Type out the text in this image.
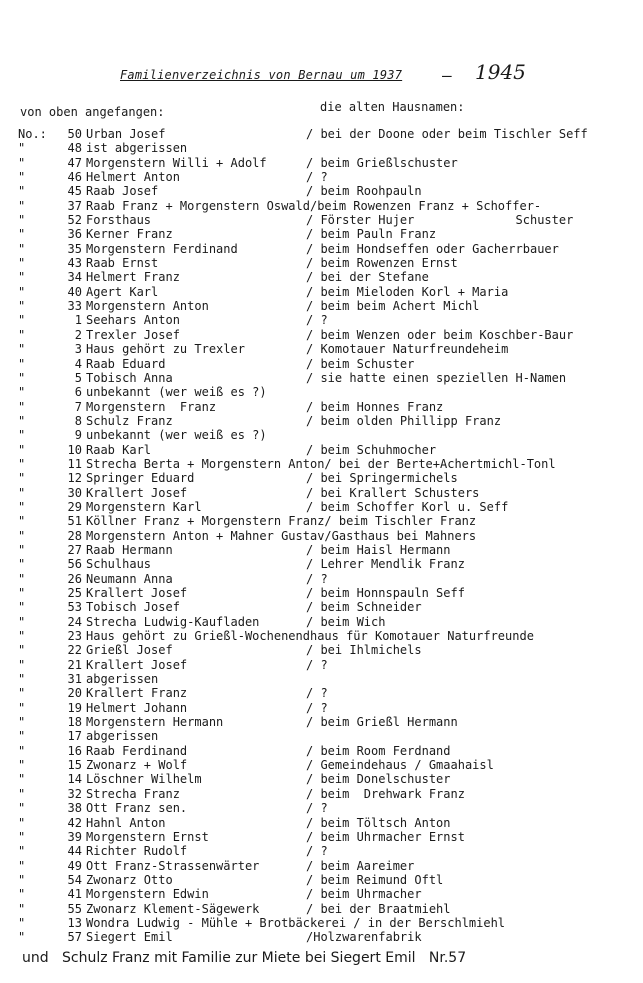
Familienverzeichnis von Bernau um 1937 — 1945
von oben angefangen:	die alten Hausnamen:
No.:	50 Urban Josef	/ bei der Doone oder beim Tischler Seff
"	48 ist abgerissen
"	47 Morgenstern Willi + Adolf	/ beim Grießlschuster
"	46 Helmert Anton	/ ?
"	45 Raab Josef	/ beim Roohpauln
"	37 Raab Franz + Morgenstern Oswald/beim Rowenzen Franz + Schoffer-
"	52 Forsthaus	/ Förster Hujer              Schuster
"	36 Kerner Franz	/ beim Pauln Franz
"	35 Morgenstern Ferdinand	/ beim Hondseffen oder Gacherrbauer
"	43 Raab Ernst	/ beim Rowenzen Ernst
"	34 Helmert Franz	/ bei der Stefane
"	40 Agert Karl	/ beim Mieloden Korl + Maria
"	33 Morgenstern Anton	/ beim beim Achert Michl
"	1 Seehars Anton	/ ?
"	2 Trexler Josef	/ beim Wenzen oder beim Koschber-Baur
"	3 Haus gehört zu Trexler	/ Komotauer Naturfreundeheim
"	4 Raab Eduard	/ beim Schuster
"	5 Tobisch Anna	/ sie hatte einen speziellen H-Namen
"	6 unbekannt (wer weiß es ?)
"	7 Morgenstern  Franz	/ beim Honnes Franz
"	8 Schulz Franz	/ beim olden Phillipp Franz
"	9 unbekannt (wer weiß es ?)
"	10 Raab Karl	/ beim Schuhmocher
"	11 Strecha Berta + Morgenstern Anton/ bei der Berte+Achertmichl-Tonl
"	12 Springer Eduard	/ bei Springermichels
"	30 Krallert Josef	/ bei Krallert Schusters
"	29 Morgenstern Karl	/ beim Schoffer Korl u. Seff
"	51 Köllner Franz + Morgenstern Franz/ beim Tischler Franz
"	28 Morgenstern Anton + Mahner Gustav/Gasthaus bei Mahners
"	27 Raab Hermann	/ beim Haisl Hermann
"	56 Schulhaus	/ Lehrer Mendlik Franz
"	26 Neumann Anna	/ ?
"	25 Krallert Josef	/ beim Honnspauln Seff
"	53 Tobisch Josef	/ beim Schneider
"	24 Strecha Ludwig-Kaufladen	/ beim Wich
"	23 Haus gehört zu Grießl-Wochenendhaus für Komotauer Naturfreunde
"	22 Grießl Josef	/ bei Ihlmichels
"	21 Krallert Josef	/ ?
"	31 abgerissen
"	20 Krallert Franz	/ ?
"	19 Helmert Johann	/ ?
"	18 Morgenstern Hermann	/ beim Grießl Hermann
"	17 abgerissen
"	16 Raab Ferdinand	/ beim Room Ferdnand
"	15 Zwonarz + Wolf	/ Gemeindehaus / Gmaahaisl
"	14 Löschner Wilhelm	/ beim Donelschuster
"	32 Strecha Franz	/ beim  Drehwark Franz
"	38 Ott Franz sen.	/ ?
"	42 Hahnl Anton	/ beim Töltsch Anton
"	39 Morgenstern Ernst	/ beim Uhrmacher Ernst
"	44 Richter Rudolf	/ ?
"	49 Ott Franz-Strassenwärter	/ beim Aareimer
"	54 Zwonarz Otto	/ beim Reimund Oftl
"	41 Morgenstern Edwin	/ beim Uhrmacher
"	55 Zwonarz Klement-Sägewerk	/ bei der Braatmiehl
"	13 Wondra Ludwig - Mühle + Brotbäckerei / in der Berschlmiehl
"	57 Siegert Emil	/Holzwarenfabrik
und Schulz Franz mit Familie zur Miete bei Siegert Emil Nr.57
